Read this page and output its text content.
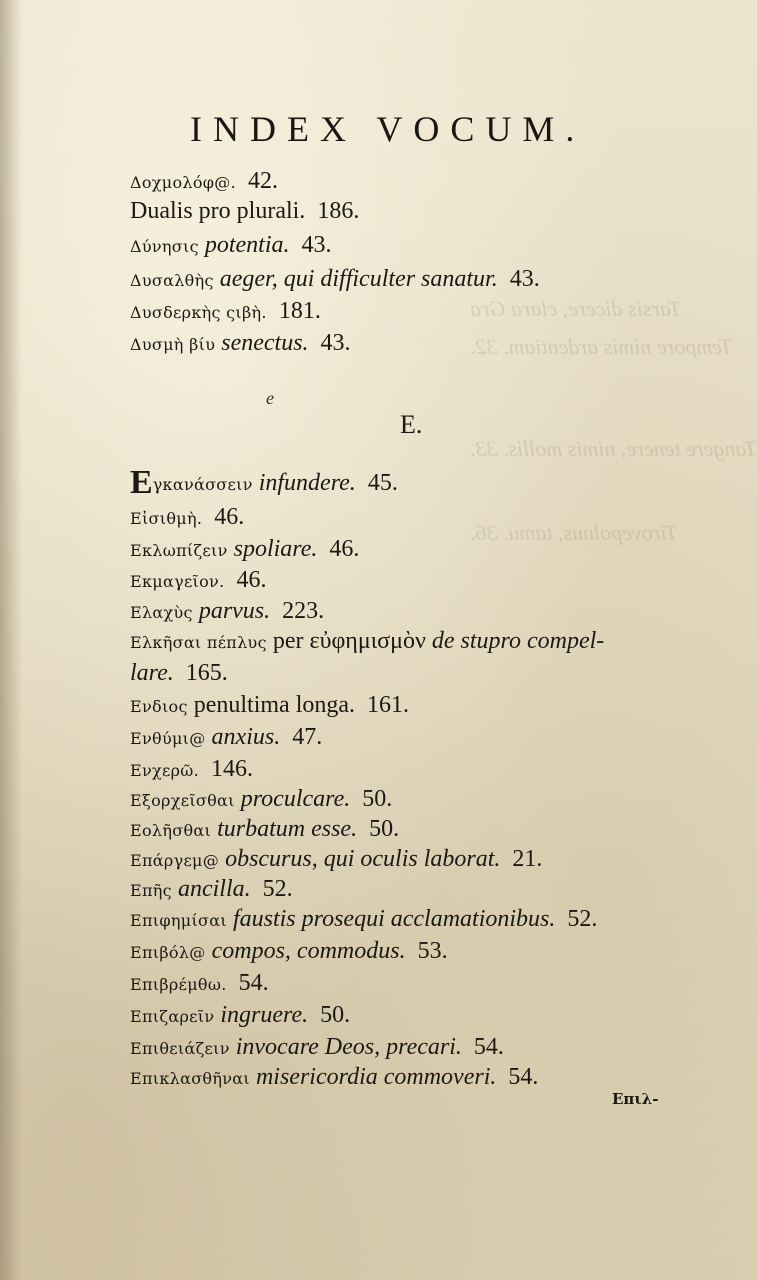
Tarsis dicere, clara Gra
Tempore nimis ardentiam. 32.
Tangere tenere, nimis mollis. 33.
Tirovepolnus, tamu. 36.
INDEX VOCUM.
Δοχμολόφ@. 42.
Dualis pro plurali. 186.
Δύνησις potentia. 43.
Δυσαλθὴς aeger, qui difficulter sanatur. 43.
Δυσδερκὴς ςιβὴ. 181.
Δυσμὴ βίυ senectus. 43.
e
E.
Eγκανάσσειν infundere. 45.
Εἰσιθμὴ. 46.
Εκλωπίζειν spoliare. 46.
Εκμαγεῖον. 46.
Ελαχὺς parvus. 223.
Ελκῆσαι πέπλυς per εὐφημισμὸν de stupro compel-
lare. 165.
Ενδιος penultima longa. 161.
Ενθύμι@ anxius. 47.
Ενχερῶ. 146.
Εξορχεῖσθαι proculcare. 50.
Εολῆσθαι turbatum esse. 50.
Επάργεμ@ obscurus, qui oculis laborat. 21.
Επῆς ancilla. 52.
Επιφημίσαι faustis prosequi acclamationibus. 52.
Επιβόλ@ compos, commodus. 53.
Επιβρέμθω. 54.
Επιζαρεῖν ingruere. 50.
Επιθειάζειν invocare Deos, precari. 54.
Επικλασθῆναι misericordia commoveri. 54.
Επιλ-
